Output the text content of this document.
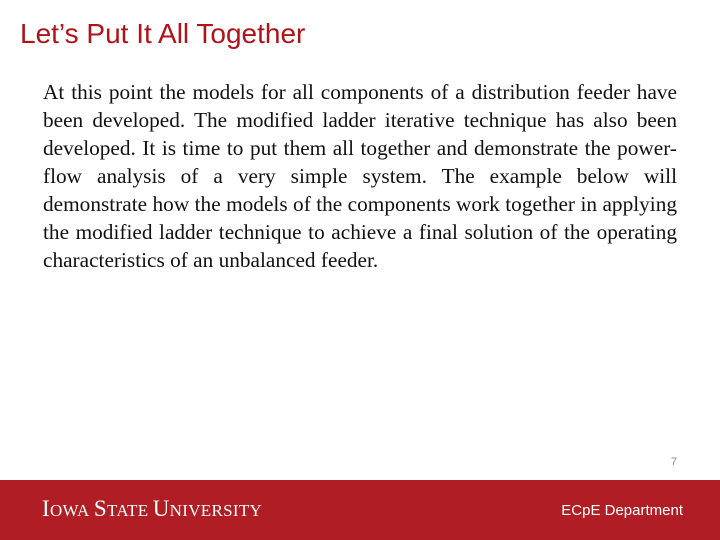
Let’s Put It All Together

At this point the models for all components of a distribution feeder have been developed. The modified ladder iterative technique has also been developed. It is time to put them all together and demonstrate the power-flow analysis of a very simple system. The example below will demonstrate how the models of the components work together in applying the modified ladder technique to achieve a final solution of the operating characteristics of an unbalanced feeder.

7
IOWA STATE UNIVERSITY	ECpE Department
